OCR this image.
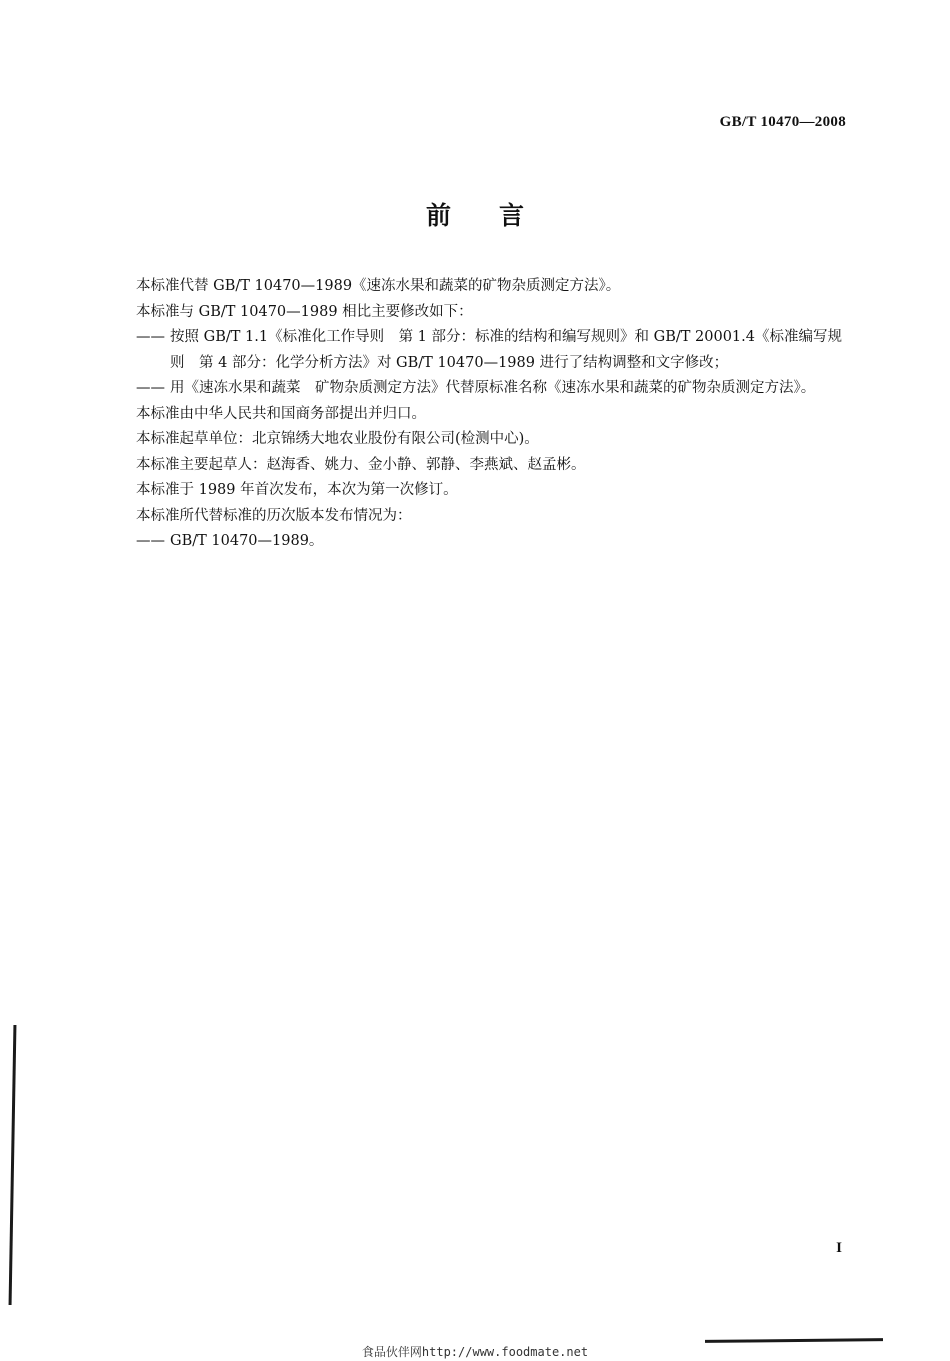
GB/T 10470—2008
前言

本标准代替 GB/T 10470—1989《速冻水果和蔬菜的矿物杂质测定方法》。

本标准与 GB/T 10470—1989 相比主要修改如下：

—— 按照 GB/T 1.1《标准化工作导则　第 1 部分：标准的结构和编写规则》和 GB/T 20001.4《标准编写规则　第 4 部分：化学分析方法》对 GB/T 10470—1989 进行了结构调整和文字修改；
—— 用《速冻水果和蔬菜　矿物杂质测定方法》代替原标准名称《速冻水果和蔬菜的矿物杂质测定方法》。

本标准由中华人民共和国商务部提出并归口。

本标准起草单位：北京锦绣大地农业股份有限公司(检测中心)。

本标准主要起草人：赵海香、姚力、金小静、郭静、李燕斌、赵孟彬。

本标准于 1989 年首次发布，本次为第一次修订。

本标准所代替标准的历次版本发布情况为：

—— GB/T 10470—1989。
I
食品伙伴网http://www.foodmate.net
